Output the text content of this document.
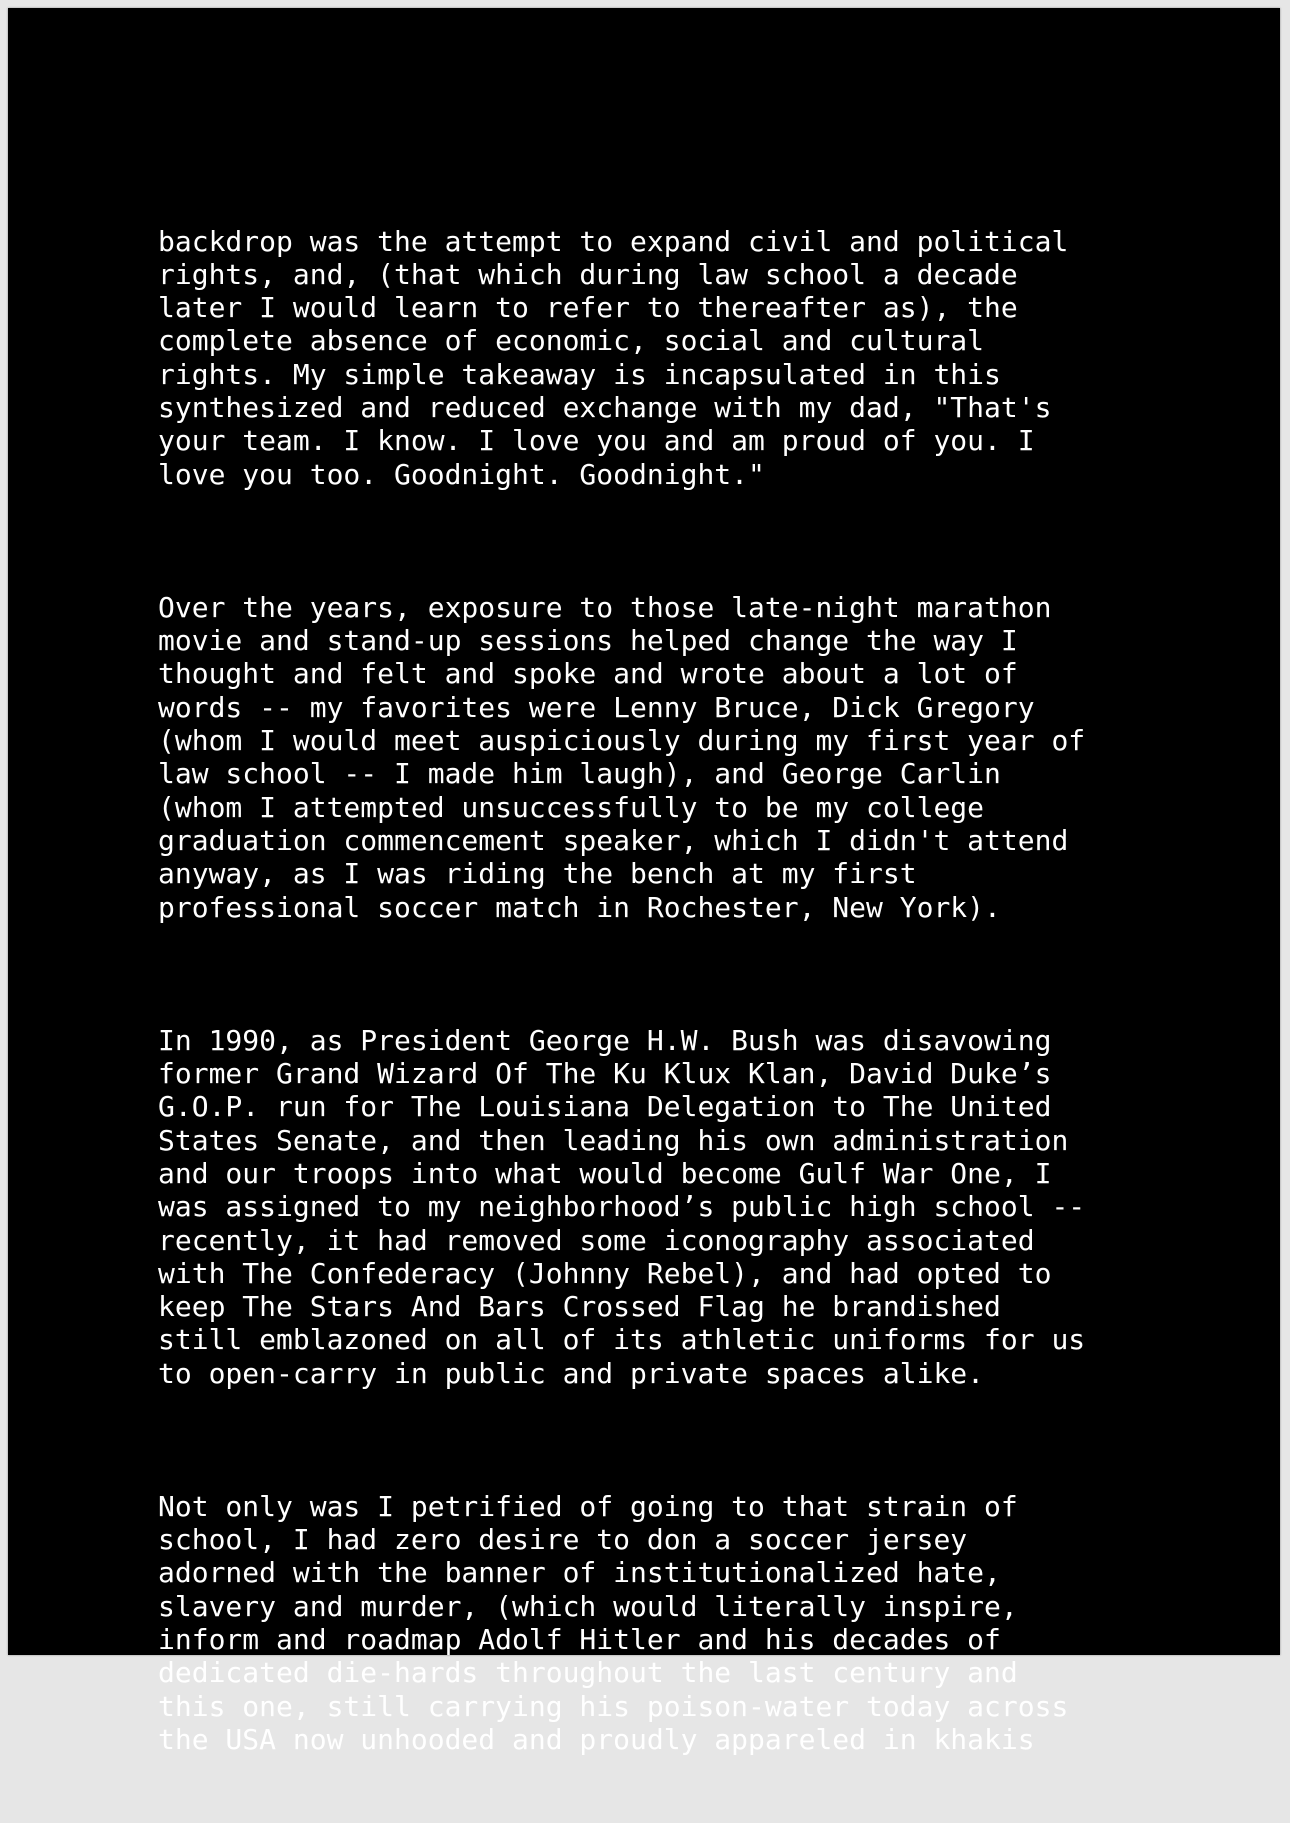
backdrop was the attempt to expand civil and political
rights, and, (that which during law school a decade
later I would learn to refer to thereafter as), the
complete absence of economic, social and cultural
rights. My simple takeaway is incapsulated in this
synthesized and reduced exchange with my dad, "That's
your team. I know. I love you and am proud of you. I
love you too. Goodnight. Goodnight."

Over the years, exposure to those late-night marathon
movie and stand-up sessions helped change the way I
thought and felt and spoke and wrote about a lot of
words -- my favorites were Lenny Bruce, Dick Gregory
(whom I would meet auspiciously during my first year of
law school -- I made him laugh), and George Carlin
(whom I attempted unsuccessfully to be my college
graduation commencement speaker, which I didn't attend
anyway, as I was riding the bench at my first
professional soccer match in Rochester, New York).

In 1990, as President George H.W. Bush was disavowing
former Grand Wizard Of The Ku Klux Klan, David Duke’s
G.O.P. run for The Louisiana Delegation to The United
States Senate, and then leading his own administration
and our troops into what would become Gulf War One, I
was assigned to my neighborhood’s public high school --
recently, it had removed some iconography associated
with The Confederacy (Johnny Rebel), and had opted to
keep The Stars And Bars Crossed Flag he brandished
still emblazoned on all of its athletic uniforms for us
to open-carry in public and private spaces alike.

Not only was I petrified of going to that strain of
school, I had zero desire to don a soccer jersey
adorned with the banner of institutionalized hate,
slavery and murder, (which would literally inspire,
inform and roadmap Adolf Hitler and his decades of
dedicated die-hards throughout the last century and
this one, still carrying his poison-water today across
the USA now unhooded and proudly appareled in khakis
